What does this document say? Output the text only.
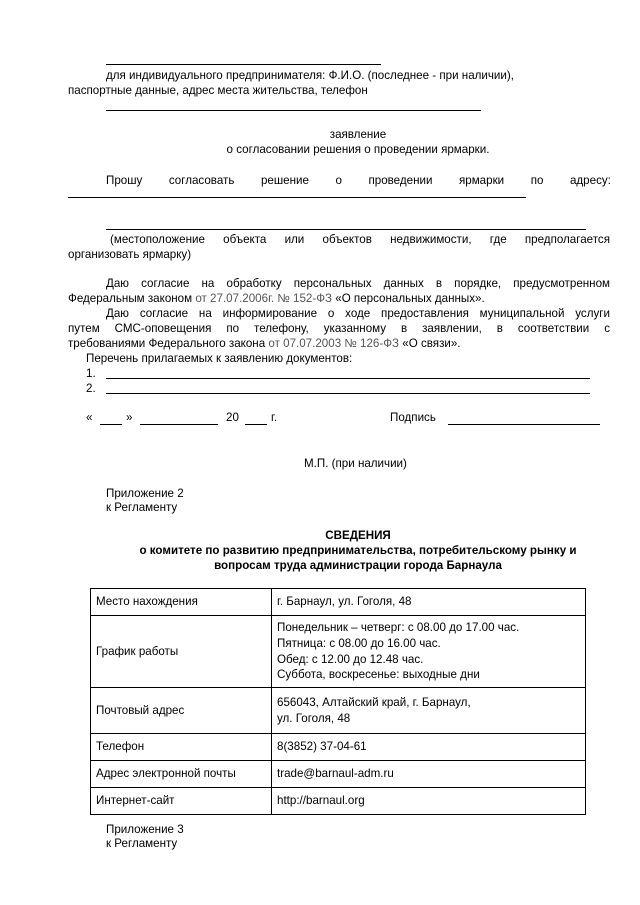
для индивидуального предпринимателя: Ф.И.О. (последнее - при наличии),
паспортные данные, адрес места жительства, телефон
заявление
о согласовании решения о проведении ярмарки.
Прошу согласовать решение о проведении ярмарки по адресу:
(местоположение объекта или объектов недвижимости, где предполагается
организовать ярмарку)
Даю согласие на обработку персональных данных в порядке, предусмотренном
Федеральным законом от 27.07.2006г. № 152-ФЗ «О персональных данных».
Даю согласие на информирование о ходе предоставления муниципальной услуги
путем СМС-оповещения по телефону, указанному в заявлении, в соответствии с
требованиями Федерального закона от 07.07.2003 № 126-ФЗ «О связи».
Перечень прилагаемых к заявлению документов:
1.
2.
«	»	20	г.	Подпись
М.П. (при наличии)
Приложение 2
к Регламенту
СВЕДЕНИЯ
о комитете по развитию предпринимательства, потребительскому рынку и
вопросам труда администрации города Барнаула
Место нахождения	г. Барнаул, ул. Гоголя, 48

График работы	Понедельник – четверг: с 08.00 до 17.00 час.
Пятница: с 08.00 до 16.00 час.
Обед: с 12.00 до 12.48 час.
Суббота, воскресенье: выходные дни

Почтовый адрес	656043, Алтайский край, г. Барнаул,
ул. Гоголя, 48

Телефон	8(3852) 37-04-61

Адрес электронной почты	trade@barnaul-adm.ru

Интернет-сайт	http://barnaul.org
Приложение 3
к Регламенту
